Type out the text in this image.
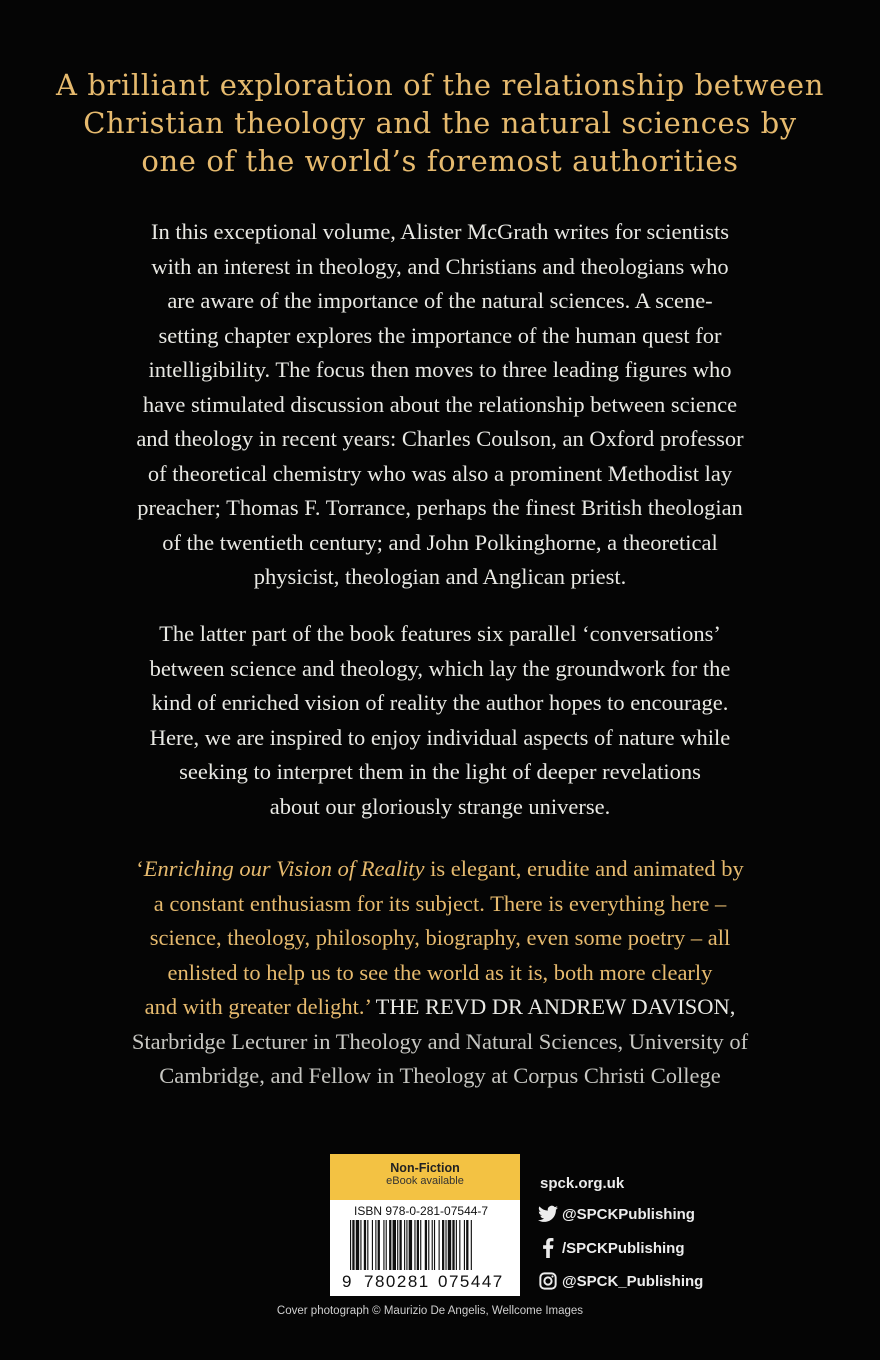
A brilliant exploration of the relationship between
Christian theology and the natural sciences by
one of the world’s foremost authorities
In this exceptional volume, Alister McGrath writes for scientists
with an interest in theology, and Christians and theologians who
are aware of the importance of the natural sciences. A scene-
setting chapter explores the importance of the human quest for
intelligibility. The focus then moves to three leading figures who
have stimulated discussion about the relationship between science
and theology in recent years: Charles Coulson, an Oxford professor
of theoretical chemistry who was also a prominent Methodist lay
preacher; Thomas F. Torrance, perhaps the finest British theologian
of the twentieth century; and John Polkinghorne, a theoretical
physicist, theologian and Anglican priest.
The latter part of the book features six parallel ‘conversations’
between science and theology, which lay the groundwork for the
kind of enriched vision of reality the author hopes to encourage.
Here, we are inspired to enjoy individual aspects of nature while
seeking to interpret them in the light of deeper revelations
about our gloriously strange universe.
‘Enriching our Vision of Reality is elegant, erudite and animated by
a constant enthusiasm for its subject. There is everything here –
science, theology, philosophy, biography, even some poetry – all
enlisted to help us to see the world as it is, both more clearly
and with greater delight.’ THE REVD DR ANDREW DAVISON,
Starbridge Lecturer in Theology and Natural Sciences, University of
Cambridge, and Fellow in Theology at Corpus Christi College
Non-Fiction
eBook available
ISBN 978-0-281-07544-7
9 780281 075447
spck.org.uk
@SPCKPublishing
/SPCKPublishing
@SPCK_Publishing
Cover photograph © Maurizio De Angelis, Wellcome Images
